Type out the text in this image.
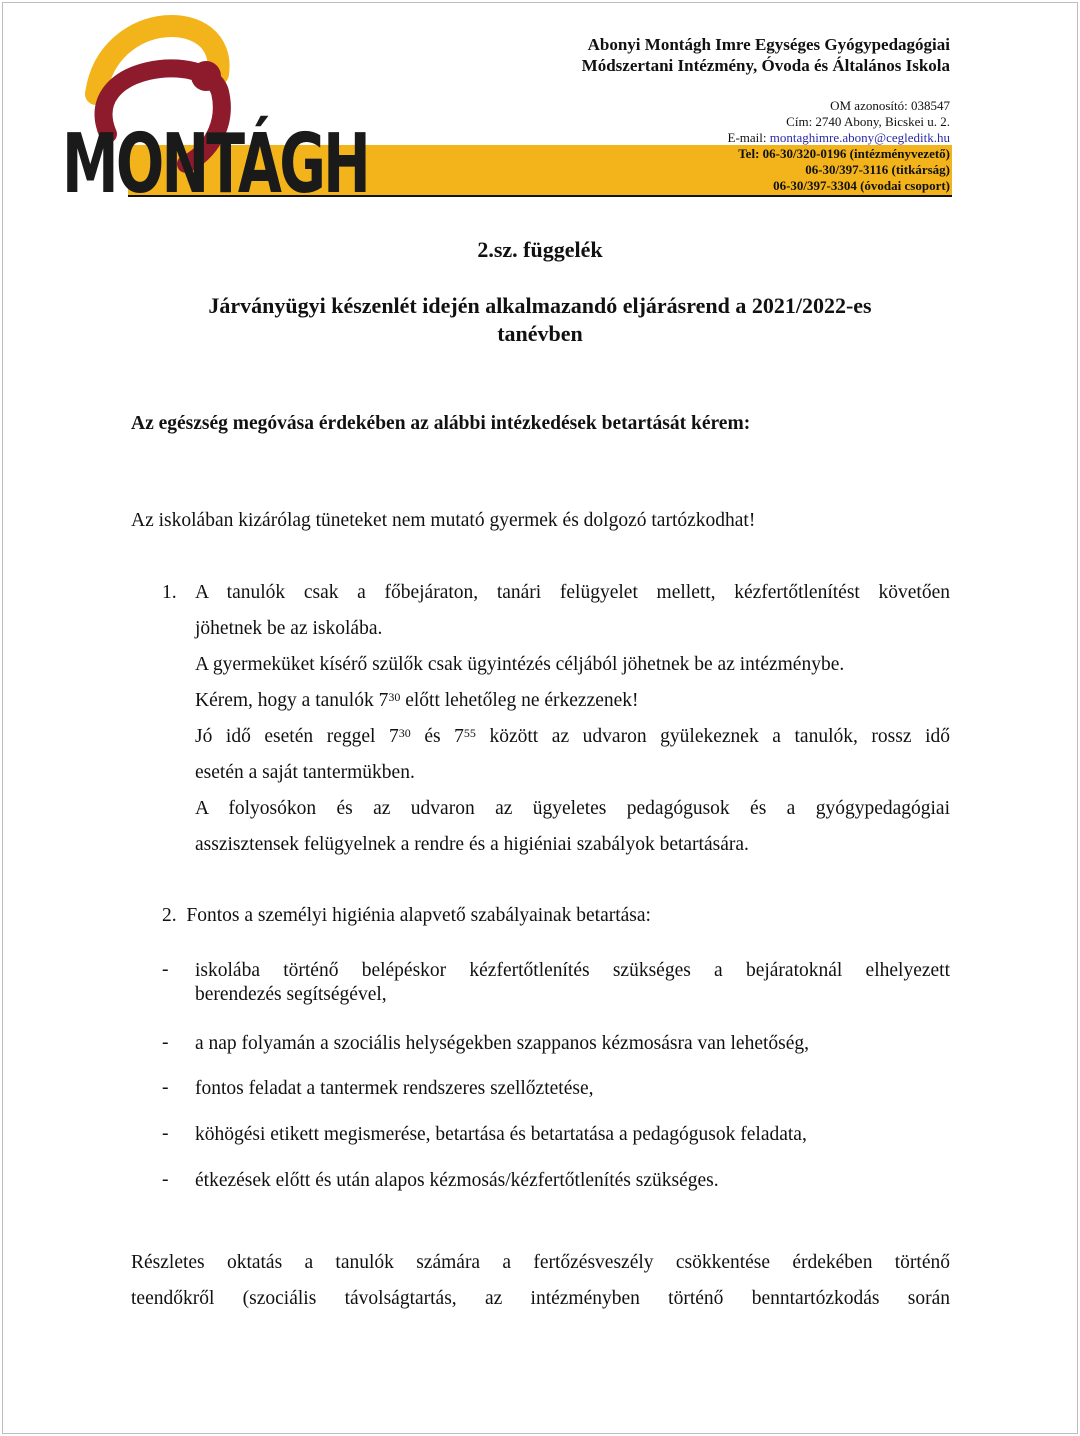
MONTÁGH
Abonyi Montágh Imre Egységes Gyógypedagógiai
Módszertani Intézmény, Óvoda és Általános Iskola
OM azonosító: 038547
Cím: 2740 Abony, Bicskei u. 2.
E-mail: montaghimre.abony@cegleditk.hu
Tel: 06-30/320-0196 (intézményvezető)
06-30/397-3116 (titkárság)
06-30/397-3304 (óvodai csoport)
2.sz. függelék
Járványügyi készenlét idején alkalmazandó eljárásrend a 2021/2022-es
tanévben
Az egészség megóvása érdekében az alábbi intézkedések betartását kérem:
Az iskolában kizárólag tüneteket nem mutató gyermek és dolgozó tartózkodhat!
1. A tanulók csak a főbejáraton, tanári felügyelet mellett, kézfertőtlenítést követően
jöhetnek be az iskolába.
A gyermeküket kísérő szülők csak ügyintézés céljából jöhetnek be az intézménybe.
Kérem, hogy a tanulók $7^{30}$ előtt lehetőleg ne érkezzenek!
Jó idő esetén reggel $7^{30}$ és $7^{55}$ között az udvaron gyülekeznek a tanulók, rossz idő
esetén a saját tantermükben.
A folyosókon és az udvaron az ügyeletes pedagógusok és a gyógypedagógiai
asszisztensek felügyelnek a rendre és a higiéniai szabályok betartására.
2. Fontos a személyi higiénia alapvető szabályainak betartása:
- iskolába történő belépéskor kézfertőtlenítés szükséges a bejáratoknál elhelyezett
berendezés segítségével,
- a nap folyamán a szociális helységekben szappanos kézmosásra van lehetőség,
- fontos feladat a tantermek rendszeres szellőztetése,
- köhögési etikett megismerése, betartása és betartatása a pedagógusok feladata,
- étkezések előtt és után alapos kézmosás/kézfertőtlenítés szükséges.
Részletes oktatás a tanulók számára a fertőzésveszély csökkentése érdekében történő
teendőkről (szociális távolságtartás, az intézményben történő benntartózkodás során
